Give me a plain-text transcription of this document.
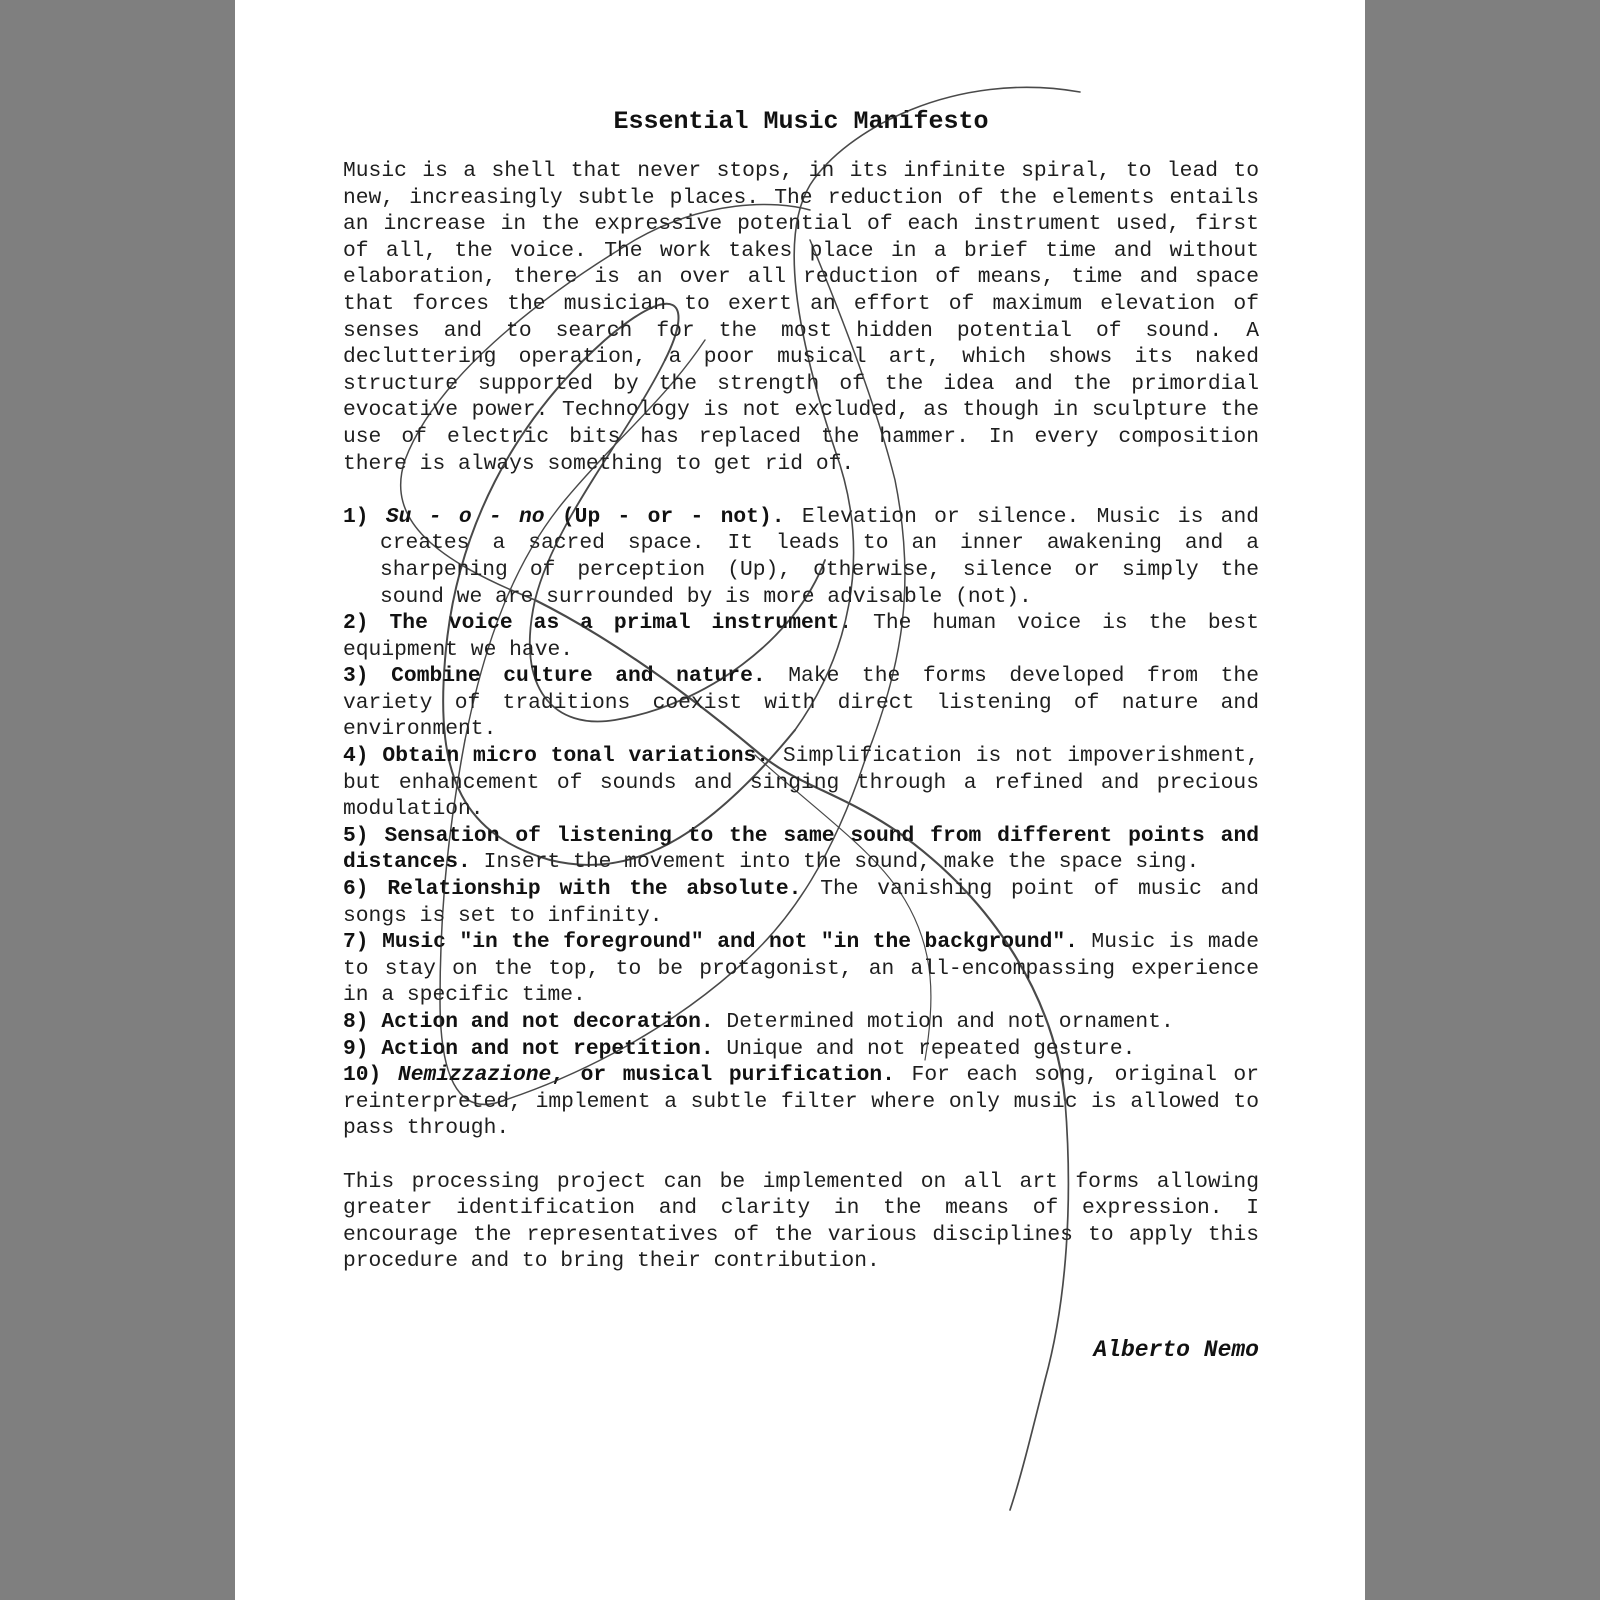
Essential Music Manifesto

Music is a shell that never stops, in its infinite spiral, to lead to new, increasingly subtle places. The reduction of the elements entails an increase in the expressive potential of each instrument used, first of all, the voice. The work takes place in a brief time and without elaboration, there is an over all reduction of means, time and space that forces the musician to exert an effort of maximum elevation of senses and to search for the most hidden potential of sound. A decluttering operation, a poor musical art, which shows its naked structure supported by the strength of the idea and the primordial evocative power. Technology is not excluded, as though in sculpture the use of electric bits has replaced the hammer. In every composition there is always something to get rid of.

1) Su - o - no (Up - or - not). Elevation or silence. Music is and creates a sacred space. It leads to an inner awakening and a sharpening of perception (Up), otherwise, silence or simply the sound we are surrounded by is more advisable (not).

2) The voice as a primal instrument. The human voice is the best equipment we have.

3) Combine culture and nature. Make the forms developed from the variety of traditions coexist with direct listening of nature and environment.

4) Obtain micro tonal variations. Simplification is not impoverishment, but enhancement of sounds and singing through a refined and precious modulation.

5) Sensation of listening to the same sound from different points and distances. Insert the movement into the sound, make the space sing.

6) Relationship with the absolute. The vanishing point of music and songs is set to infinity.

7) Music "in the foreground" and not "in the background". Music is made to stay on the top, to be protagonist, an all-encompassing experience in a specific time.

8) Action and not decoration. Determined motion and not ornament.

9) Action and not repetition. Unique and not repeated gesture.

10) Nemizzazione, or musical purification. For each song, original or reinterpreted, implement a subtle filter where only music is allowed to pass through.

This processing project can be implemented on all art forms allowing greater identification and clarity in the means of expression. I encourage the representatives of the various disciplines to apply this procedure and to bring their contribution.

Alberto Nemo
